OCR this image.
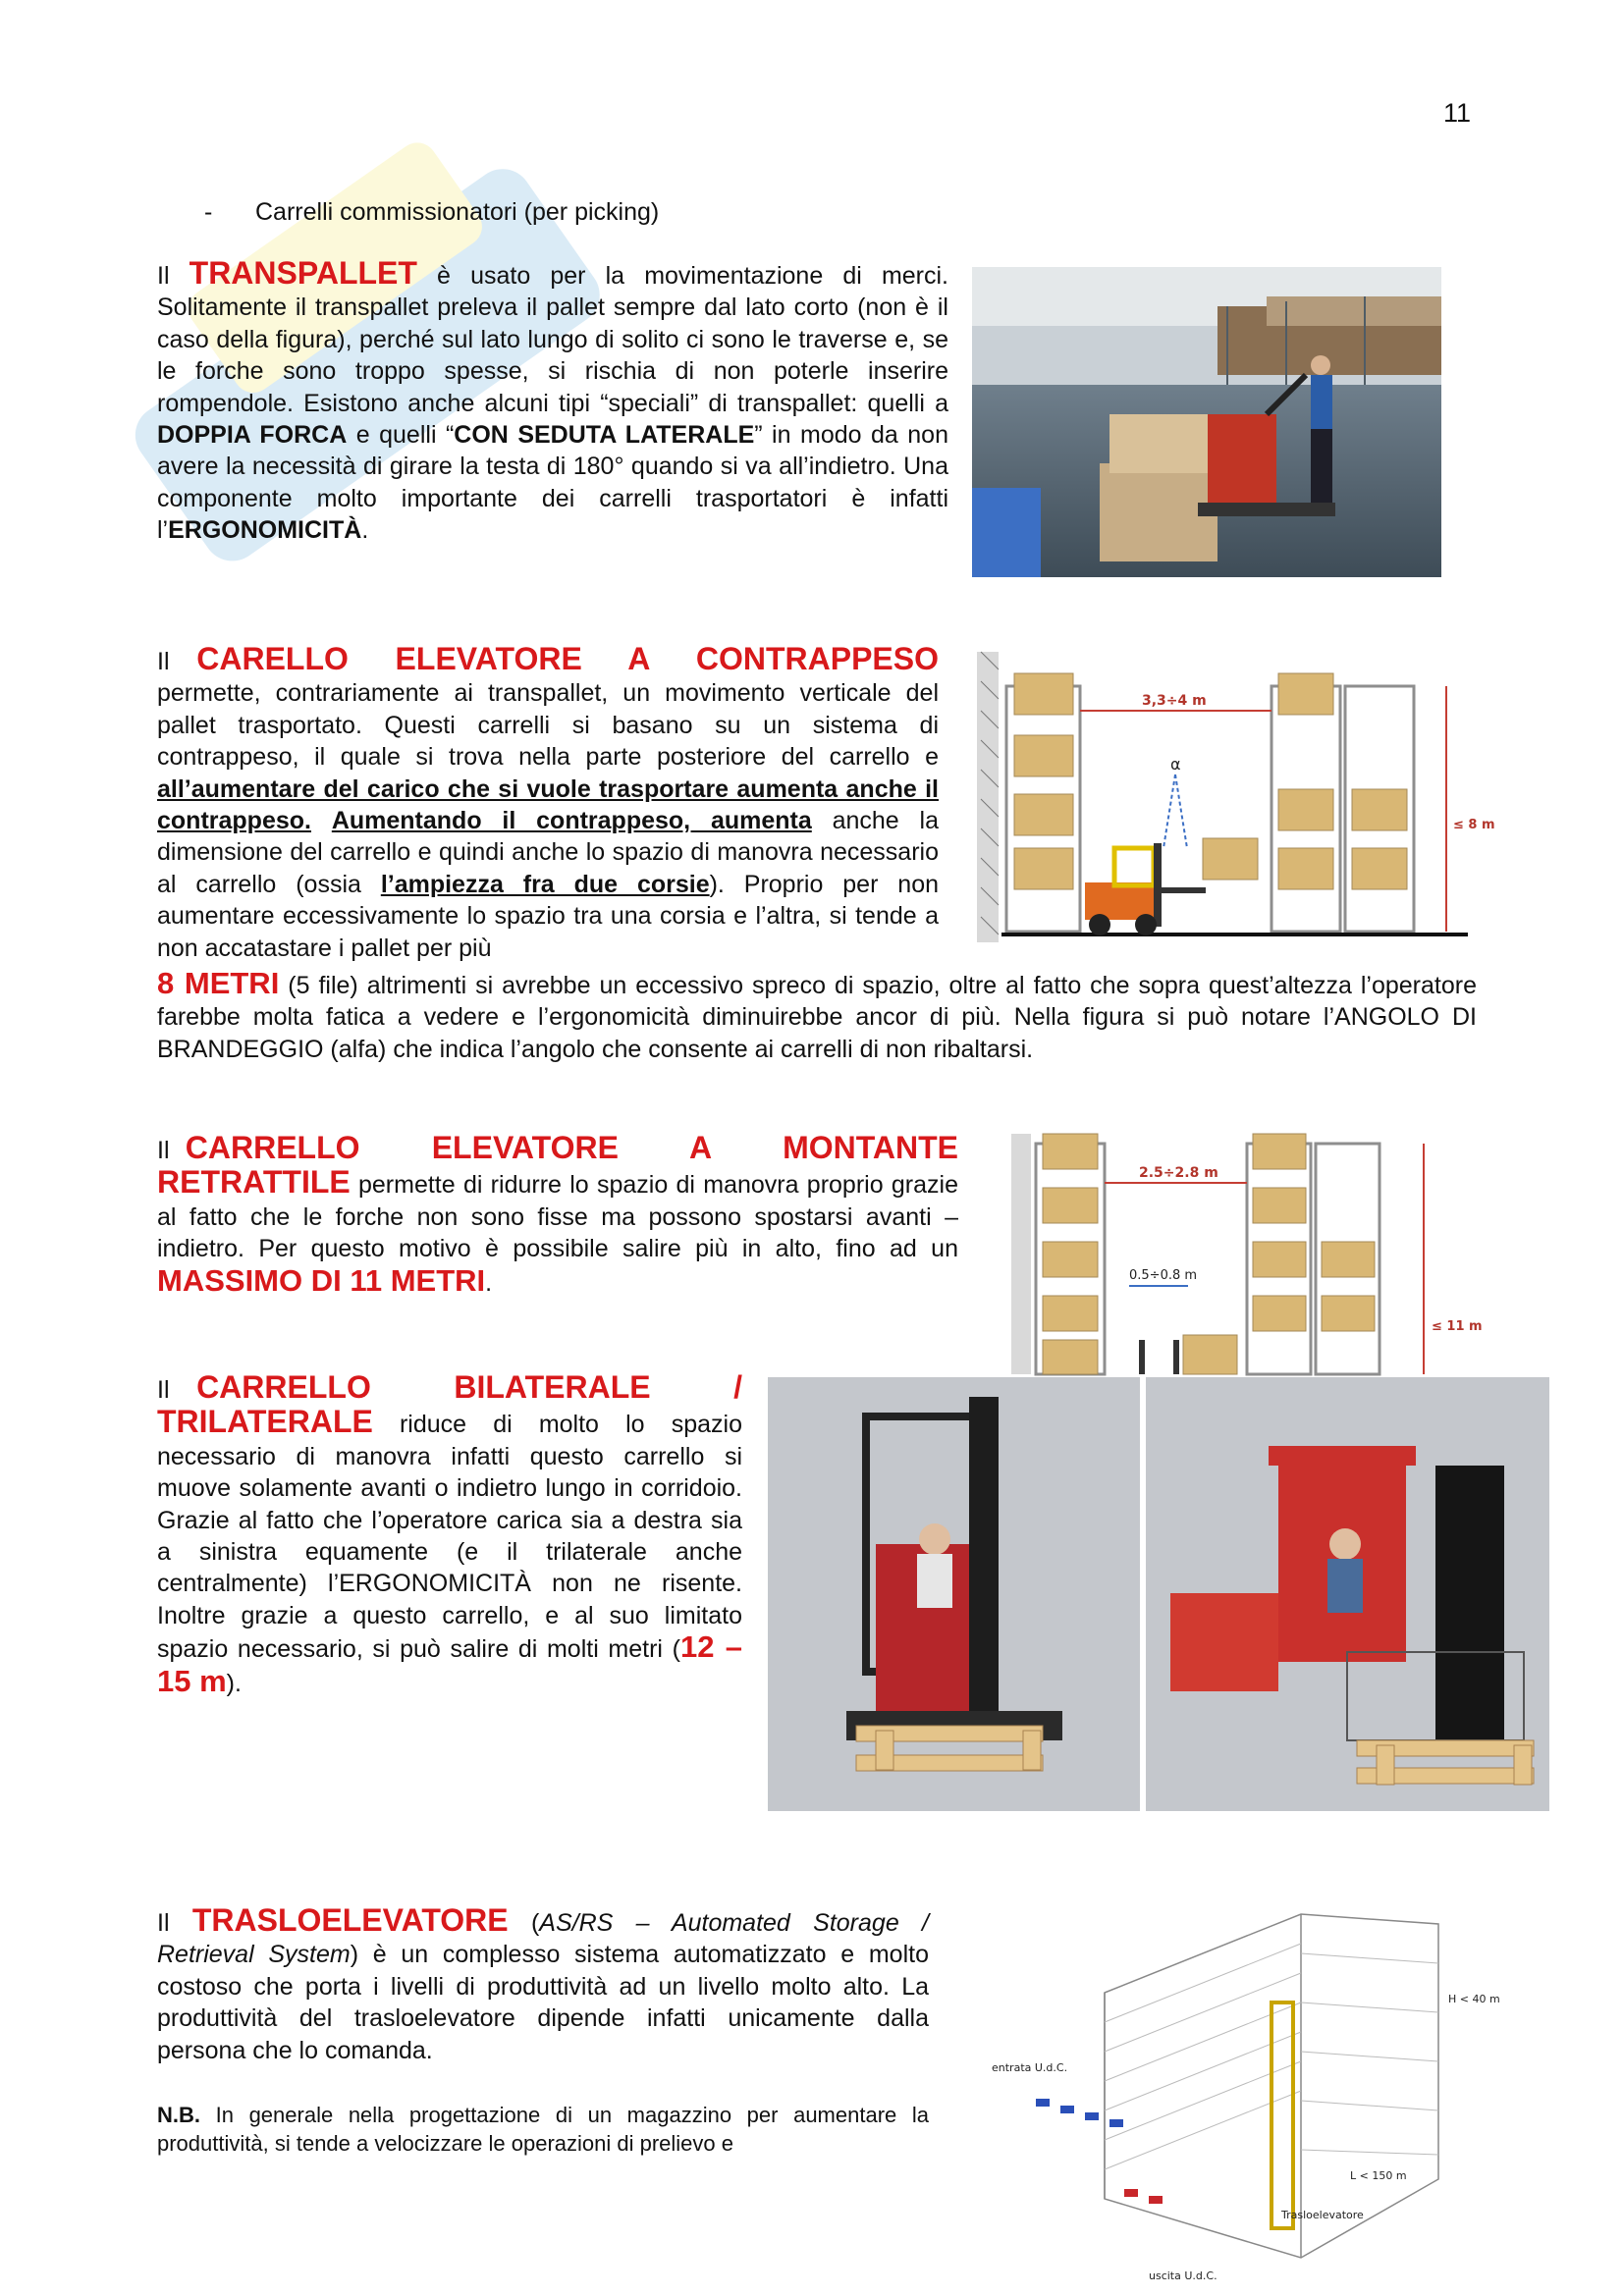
11
- Carrelli commissionatori (per picking)
Il TRANSPALLET è usato per la movimentazione di merci. Solitamente il transpallet preleva il pallet sempre dal lato corto (non è il caso della figura), perché sul lato lungo di solito ci sono le traverse e, se le forche sono troppo spesse, si rischia di non poterle inserire rompendole. Esistono anche alcuni tipi “speciali” di transpallet: quelli a DOPPIA FORCA e quelli “CON SEDUTA LATERALE” in modo da non avere la necessità di girare la testa di 180° quando si va all’indietro. Una componente molto importante dei carrelli trasportatori è infatti l’ERGONOMICITÀ.
Il CARELLO ELEVATORE A CONTRAPPESO
permette, contrariamente ai transpallet, un movimento verticale del pallet trasportato. Questi carrelli si basano su un sistema di contrappeso, il quale si trova nella parte posteriore del carrello e all’aumentare del carico che si vuole trasportare aumenta anche il contrappeso. Aumentando il contrappeso, aumenta anche la dimensione del carrello e quindi anche lo spazio di manovra necessario al carrello (ossia l’ampiezza fra due corsie). Proprio per non aumentare eccessivamente lo spazio tra una corsia e l’altra, si tende a non accatastare i pallet per più
8 METRI (5 file) altrimenti si avrebbe un eccessivo spreco di spazio, oltre al fatto che sopra quest’altezza l’operatore farebbe molta fatica a vedere e l’ergonomicità diminuirebbe ancor di più. Nella figura si può notare l’ANGOLO DI BRANDEGGIO (alfa) che indica l’angolo che consente ai carrelli di non ribaltarsi.
3,3÷4 m
≤ 8 m
α
Il CARRELLO ELEVATORE A MONTANTE RETRATTILE permette di ridurre lo spazio di manovra proprio grazie al fatto che le forche non sono fisse ma possono spostarsi avanti – indietro. Per questo motivo è possibile salire più in alto, fino ad un MASSIMO DI 11 METRI.
2.5÷2.8 m
0.5÷0.8 m
≤ 11 m
Il CARRELLO BILATERALE / TRILATERALE riduce di molto lo spazio necessario di manovra infatti questo carrello si muove solamente avanti o indietro lungo in corridoio. Grazie al fatto che l’operatore carica sia a destra sia a sinistra equamente (e il trilaterale anche centralmente) l’ERGONOMICITÀ non ne risente. Inoltre grazie a questo carrello, e al suo limitato spazio necessario, si può salire di molti metri (12 – 15 m).
Il TRASLOELEVATORE (AS/RS – Automated Storage / Retrieval System) è un complesso sistema automatizzato e molto costoso che porta i livelli di produttività ad un livello molto alto. La produttività del trasloelevatore dipende infatti unicamente dalla persona che lo comanda.
N.B. In generale nella progettazione di un magazzino per aumentare la produttività, si tende a velocizzare le operazioni di prelievo e
entrata U.d.C.
uscita U.d.C.
Trasloelevatore
H < 40 m
L < 150 m
